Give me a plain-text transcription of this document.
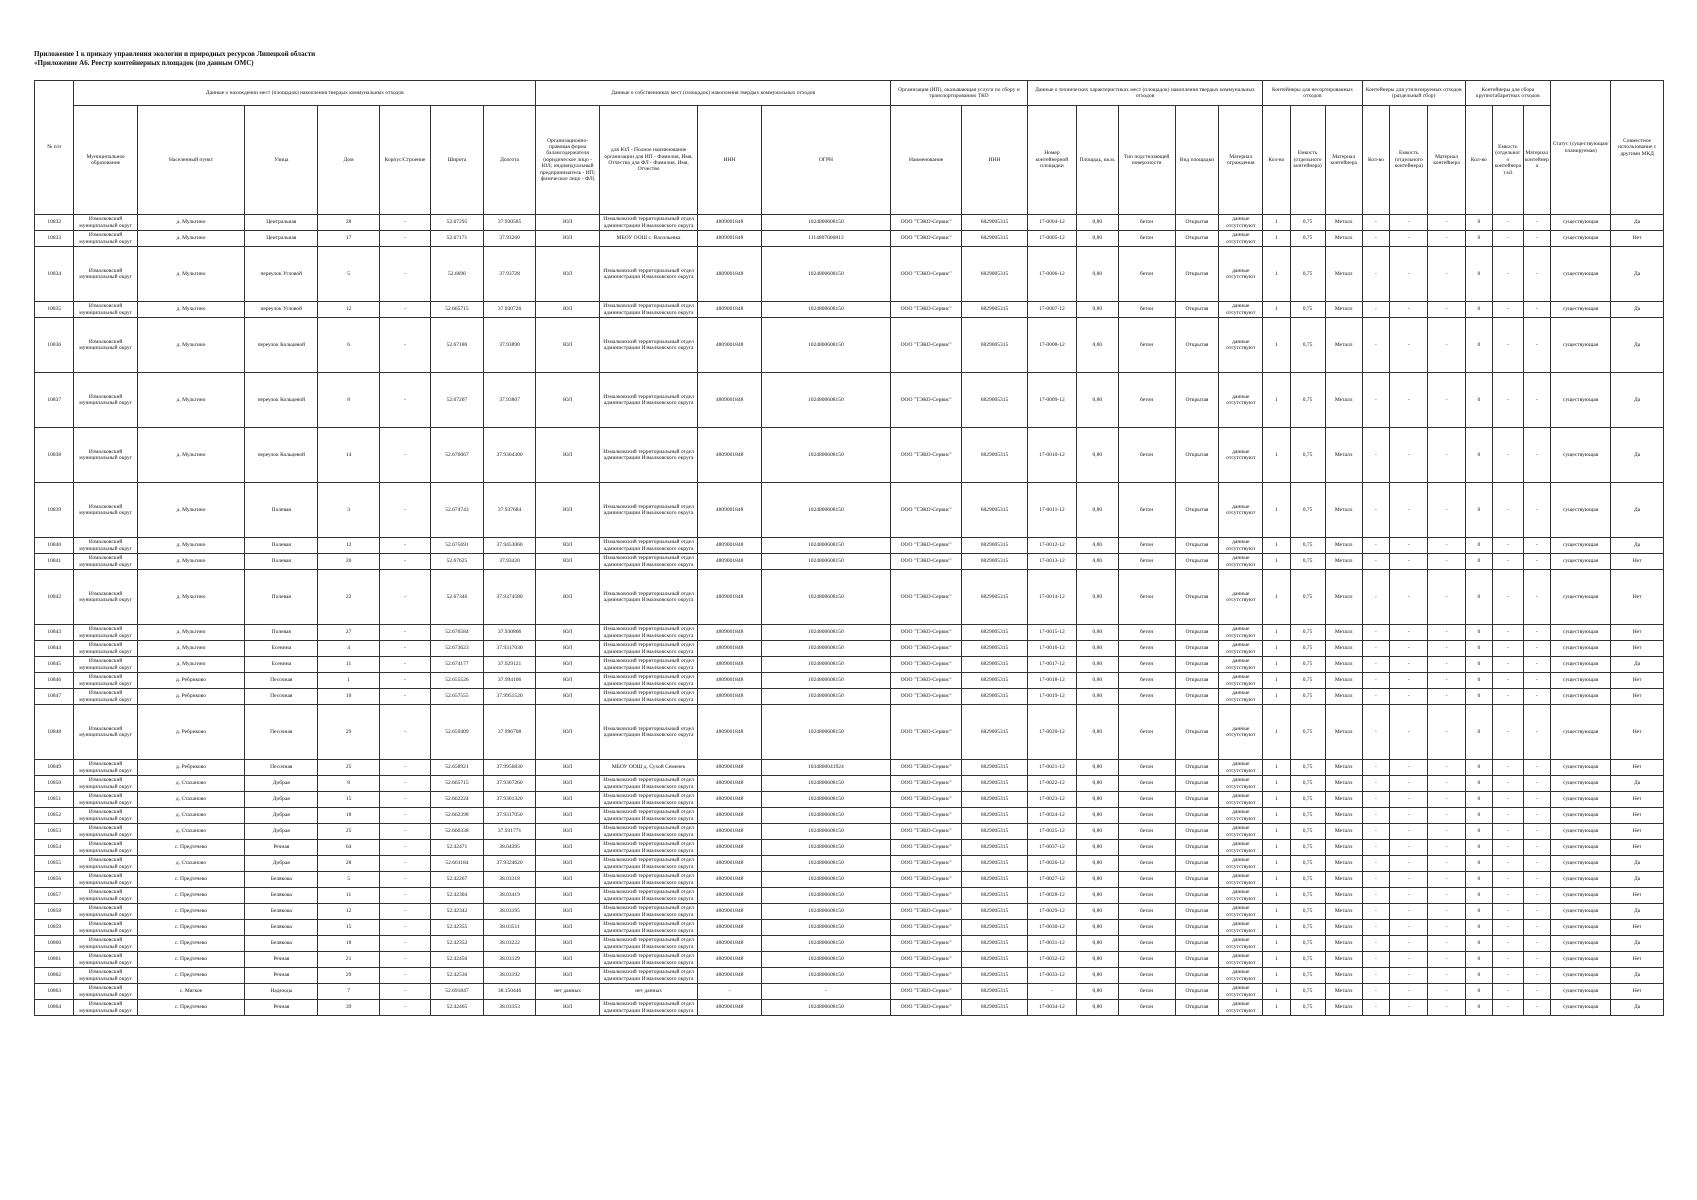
Приложение 1 к приказу управления экологии и природных ресурсов Липецкой области
«Приложение А6. Реестр контейнерных площадок (по данным ОМС)
№ п/п	Данные о нахождении мест (площадок) накопления твердых коммунальных отходов							Данные о собственниках мест (площадок) накопления твердых коммунальных отходов				Организация (ИП), оказывающая услуги по сбору и транспортированию ТКО		Данные о технических характеристиках мест (площадок) накопления твердых коммунальных отходов					Контейнеры для несортированных отходов			Контейнеры для утилизируемых отходов (раздельный сбор)			Контейнеры для сбора крупногабаритных отходов			Статус (существующая/планируемая)	Совместное использование с другими МКД
	Муниципальное образование	Населенный пункт	Улица	Дом	Корпус/Строение	Широта	Долгота	Организационно-правовая форма балансодержателя (юридическое лицо - ЮЛ; индивидуальный предприниматель - ИП; физическое лицо - ФЛ)	для ЮЛ - Полное наименование организации для ИП - Фамилия, Имя, Отчество для ФЛ - Фамилия, Имя, Отчество	ИНН	ОГРН	Наименование	ИНН	Номер контейнерной площадки	Площадь, кв.м.	Тип подстилающей поверхности	Вид площадки	Материал ограждения	Кол-во	Емкость (отдельного контейнера)	Материал контейнера	Кол-во	Емкость (отдельного контейнера)	Материал контейнера	Кол-во	Емкость (отдельного контейнера) м3	Материал контейнера		
10832	Измалковский муниципальный округ	д. Мульгино	Центральная	28	-	52.67295	37.930585	ЮЛ	Измалковский территориальный отдел администрации Измалковского округа	4809001848	1024800608150	ООО "ТЭКО-Сервис"	6829005315	17-0004-12	0,80	бетон	Открытая	данные отсутствуют	1	0,75	Металл	-	-	-	0	-	-	существующая	Да
10833	Измалковский муниципальный округ	д. Мульгино	Центральная	17	-	52.67171	37.93260	ЮЛ	МБОУ ООШ с. Васильевка	4809001848	1114807000813	ООО "ТЭКО-Сервис"	6829005315	17-0005-12	0,80	бетон	Открытая	данные отсутствуют	1	0,75	Металл	-	-	-	0	-	-	существующая	Нет
10834	Измалковский муниципальный округ	д. Мульгино	переулок Угловой	5	-	52.6696	37.93728	ЮЛ	Измалковский территориальный отдел администрации Измалковского округа	4809001848	1024800608150	ООО "ТЭКО-Сервис"	6829005315	17-0006-12	0,80	бетон	Открытая	данные отсутствуют	1	0,75	Металл	-	-	-	0	-	-	существующая	Да
10835	Измалковский муниципальный округ	д. Мульгино	переулок Угловой	12	-	52.665715	37.930726	ЮЛ	Измалковский территориальный отдел администрации Измалковского округа	4809001848	1024800608150	ООО "ТЭКО-Сервис"	6829005315	17-0007-12	0,80	бетон	Открытая	данные отсутствуют	1	0,75	Металл	-	-	-	0	-	-	существующая	Да
10836	Измалковский муниципальный округ	д. Мульгино	переулок Кольцевой	6	-	52.67186	37.93890	ЮЛ	Измалковский территориальный отдел администрации Измалковского округа	4809001848	1024800608150	ООО "ТЭКО-Сервис"	6829005315	17-0008-12	0,80	бетон	Открытая	данные отсутствуют	1	0,75	Металл	-	-	-	0	-	-	существующая	Да
10837	Измалковский муниципальный округ	д. Мульгино	переулок Кольцевой	8	-	52.67207	37.93807	ЮЛ	Измалковский территориальный отдел администрации Измалковского округа	4809001848	1024800608150	ООО "ТЭКО-Сервис"	6829005315	17-0009-12	0,80	бетон	Открытая	данные отсутствуют	1	0,75	Металл	-	-	-	0	-	-	существующая	Да
10838	Измалковский муниципальный округ	д. Мульгино	переулок Кольцевой	14	-	52.676667	37.9304300	ЮЛ	Измалковский территориальный отдел администрации Измалковского округа	4809001848	1024800608150	ООО "ТЭКО-Сервис"	6829005315	17-0010-12	0,80	бетон	Открытая	данные отсутствуют	1	0,75	Металл	-	-	-	0	-	-	существующая	Да
10839	Измалковский муниципальный округ	д. Мульгино	Полевая	3	-	52.674743	37.937684	ЮЛ	Измалковский территориальный отдел администрации Измалковского округа	4809001848	1024800608150	ООО "ТЭКО-Сервис"	6829005315	17-0011-12	0,80	бетон	Открытая	данные отсутствуют	1	0,75	Металл	-	-	-	0	-	-	существующая	Да
10840	Измалковский муниципальный округ	д. Мульгино	Полевая	12	-	52.675691	37.9453060	ЮЛ	Измалковский территориальный отдел администрации Измалковского округа	4809001848	1024800608150	ООО "ТЭКО-Сервис"	6829005315	17-0012-12	0,80	бетон	Открытая	данные отсутствуют	1	0,75	Металл	-	-	-	0	-	-	существующая	Да
10841	Измалковский муниципальный округ	д. Мульгино	Полевая	20	-	52.67625	37.93420	ЮЛ	Измалковский территориальный отдел администрации Измалковского округа	4809001848	1024800608150	ООО "ТЭКО-Сервис"	6829005315	17-0013-12	0,80	бетон	Открытая	данные отсутствуют	1	0,75	Металл	-	-	-	0	-	-	существующая	Нет
10842	Измалковский муниципальный округ	д. Мульгино	Полевая	22	-	52.67346	37.9374580	ЮЛ	Измалковский территориальный отдел администрации Измалковского округа	4809001848	1024800608150	ООО "ТЭКО-Сервис"	6829005315	17-0014-12	0,80	бетон	Открытая	данные отсутствуют	1	0,75	Металл	-	-	-	0	-	-	существующая	Нет
10843	Измалковский муниципальный округ	д. Мульгино	Полевая	27	-	52.676584	37.930806	ЮЛ	Измалковский территориальный отдел администрации Измалковского округа	4809001848	1024800608150	ООО "ТЭКО-Сервис"	6829005315	17-0015-12	0,80	бетон	Открытая	данные отсутствуют	1	0,75	Металл	-	-	-	0	-	-	существующая	Нет
10844	Измалковский муниципальный округ	д. Мульгино	Есенина	4	-	52.673623	37.9317030	ЮЛ	Измалковский территориальный отдел администрации Измалковского округа	4809001848	1024800608150	ООО "ТЭКО-Сервис"	6829005315	17-0016-12	0,80	бетон	Открытая	данные отсутствуют	1	0,75	Металл	-	-	-	0	-	-	существующая	Нет
10845	Измалковский муниципальный округ	д. Мульгино	Есенина	11	-	52.674177	37.929121	ЮЛ	Измалковский территориальный отдел администрации Измалковского округа	4809001848	1024800608150	ООО "ТЭКО-Сервис"	6829005315	17-0017-12	0,80	бетон	Открытая	данные отсутствуют	1	0,75	Металл	-	-	-	0	-	-	существующая	Да
10846	Измалковский муниципальный округ	д. Ребриково	Песочная	1	-	52.655526	37.994106	ЮЛ	Измалковский территориальный отдел администрации Измалковского округа	4809001848	1024800608150	ООО "ТЭКО-Сервис"	6829005315	17-0018-12	0,80	бетон	Открытая	данные отсутствуют	1	0,75	Металл	-	-	-	0	-	-	существующая	Нет
10847	Измалковский муниципальный округ	д. Ребриково	Песочная	10	-	52.657555	37.9951520	ЮЛ	Измалковский территориальный отдел администрации Измалковского округа	4809001848	1024800608150	ООО "ТЭКО-Сервис"	6829005315	17-0019-12	0,80	бетон	Открытая	данные отсутствуют	1	0,75	Металл	-	-	-	0	-	-	существующая	Нет
10848	Измалковский муниципальный округ	д. Ребриково	Песочная	29	-	52.659409	37.996708	ЮЛ	Измалковский территориальный отдел администрации Измалковского округа	4809001848	1024800608150	ООО "ТЭКО-Сервис"	6829005315	17-0020-12	0,80	бетон	Открытая	данные отсутствуют	1	0,75	Металл	-	-	-	0	-	-	существующая	Нет
10849	Измалковский муниципальный округ	д. Ребриково	Песочная	25	-	52.658921	37.9956830	ЮЛ	МБОУ ООШ д. Сухой Семенек	4809001848	1034800041924	ООО "ТЭКО-Сервис"	6829005315	17-0021-12	0,80	бетон	Открытая	данные отсутствуют	1	0,75	Металл	-	-	-	0	-	-	существующая	Нет
10850	Измалковский муниципальный округ	д. Стаханово	Добрая	8	-	52.665715	37.9307260	ЮЛ	Измалковский территориальный отдел администрации Измалковского округа	4809001848	1024800608150	ООО "ТЭКО-Сервис"	6829005315	17-0022-12	0,80	бетон	Открытая	данные отсутствуют	1	0,75	Металл	-	-	-	0	-	-	существующая	Да
10851	Измалковский муниципальный округ	д. Стаханово	Добрая	15	-	52.662224	37.9301320	ЮЛ	Измалковский территориальный отдел администрации Измалковского округа	4809001848	1024800608150	ООО "ТЭКО-Сервис"	6829005315	17-0023-12	0,80	бетон	Открытая	данные отсутствуют	1	0,75	Металл	-	-	-	0	-	-	существующая	Нет
10852	Измалковский муниципальный округ	д. Стаханово	Добрая	18	-	52.662398	37.9317050	ЮЛ	Измалковский территориальный отдел администрации Измалковского округа	4809001848	1024800608150	ООО "ТЭКО-Сервис"	6829005315	17-0024-12	0,80	бетон	Открытая	данные отсутствуют	1	0,75	Металл	-	-	-	0	-	-	существующая	Нет
10853	Измалковский муниципальный округ	д. Стаханово	Добрая	25	-	52.660338	37.931771	ЮЛ	Измалковский территориальный отдел администрации Измалковского округа	4809001848	1024800608150	ООО "ТЭКО-Сервис"	6829005315	17-0025-12	0,80	бетон	Открытая	данные отсутствуют	1	0,75	Металл	-	-	-	0	-	-	существующая	Нет
10854	Измалковский муниципальный округ	с. Предтечево	Речная	64	-	52.42471	38.04395	ЮЛ	Измалковский территориальный отдел администрации Измалковского округа	4809001848	1024800608150	ООО "ТЭКО-Сервис"	6829005315	17-0037-12	0,80	бетон	Открытая	данные отсутствуют	1	0,75	Металл	-	-	-	0	-	-	существующая	Нет
10855	Измалковский муниципальный округ	д. Стаханово	Добрая	28	-	52.661184	37.9324620	ЮЛ	Измалковский территориальный отдел администрации Измалковского округа	4809001848	1024800608150	ООО "ТЭКО-Сервис"	6829005315	17-0026-12	0,80	бетон	Открытая	данные отсутствуют	1	0,75	Металл	-	-	-	0	-	-	существующая	Да
10856	Измалковский муниципальный округ	с. Предтечево	Белякова	5	-	52.42267	38.03318	ЮЛ	Измалковский территориальный отдел администрации Измалковского округа	4809001848	1024800608150	ООО "ТЭКО-Сервис"	6829005315	17-0027-12	0,80	бетон	Открытая	данные отсутствуют	1	0,75	Металл	-	-	-	0	-	-	существующая	Да
10857	Измалковский муниципальный округ	с. Предтечево	Белякова	11	-	52.42304	38.03419	ЮЛ	Измалковский территориальный отдел администрации Измалковского округа	4809001848	1024800608150	ООО "ТЭКО-Сервис"	6829005315	17-0028-12	0,80	бетон	Открытая	данные отсутствуют	1	0,75	Металл	-	-	-	0	-	-	существующая	Нет
10858	Измалковский муниципальный округ	с. Предтечево	Белякова	12	-	52.42342	38.03195	ЮЛ	Измалковский территориальный отдел администрации Измалковского округа	4809001848	1024800608150	ООО "ТЭКО-Сервис"	6829005315	17-0029-12	0,80	бетон	Открытая	данные отсутствуют	1	0,75	Металл	-	-	-	0	-	-	существующая	Да
10859	Измалковский муниципальный округ	с. Предтечево	Белякова	15	-	52.42355	38.03511	ЮЛ	Измалковский территориальный отдел администрации Измалковского округа	4809001848	1024800608150	ООО "ТЭКО-Сервис"	6829005315	17-0030-12	0,80	бетон	Открытая	данные отсутствуют	1	0,75	Металл	-	-	-	0	-	-	существующая	Нет
10860	Измалковский муниципальный округ	с. Предтечево	Белякова	18	-	52.42352	38.03222	ЮЛ	Измалковский территориальный отдел администрации Измалковского округа	4809001848	1024800608150	ООО "ТЭКО-Сервис"	6829005315	17-0031-12	0,80	бетон	Открытая	данные отсутствуют	1	0,75	Металл	-	-	-	0	-	-	существующая	Да
10861	Измалковский муниципальный округ	с. Предтечево	Речная	21	-	52.42456	38.03129	ЮЛ	Измалковский территориальный отдел администрации Измалковского округа	4809001848	1024800608150	ООО "ТЭКО-Сервис"	6829005315	17-0032-12	0,80	бетон	Открытая	данные отсутствуют	1	0,75	Металл	-	-	-	0	-	-	существующая	Нет
10862	Измалковский муниципальный округ	с. Предтечево	Речная	29	-	52.42536	38.03192	ЮЛ	Измалковский территориальный отдел администрации Измалковского округа	4809001848	1024800608150	ООО "ТЭКО-Сервис"	6829005315	17-0033-12	0,80	бетон	Открытая	данные отсутствуют	1	0,75	Металл	-	-	-	0	-	-	существующая	Да
10863	Измалковский муниципальный округ	с. Мягкое	Надежды	7	-	52.691847	38.150446	нет данных	нет данных	-	-	ООО "ТЭКО-Сервис"	6829005315	-	0,80	бетон	Открытая	данные отсутствуют	1	0,75	Металл	-	-	-	0	-	-	существующая	Нет
10864	Измалковский муниципальный округ	с. Предтечево	Речная	39	-	52.42465	38.03353	ЮЛ	Измалковский территориальный отдел администрации Измалковского округа	4809001848	1024800608150	ООО "ТЭКО-Сервис"	6829005315	17-0034-12	0,80	бетон	Открытая	данные отсутствуют	1	0,75	Металл	-	-	-	0	-	-	существующая	Да
